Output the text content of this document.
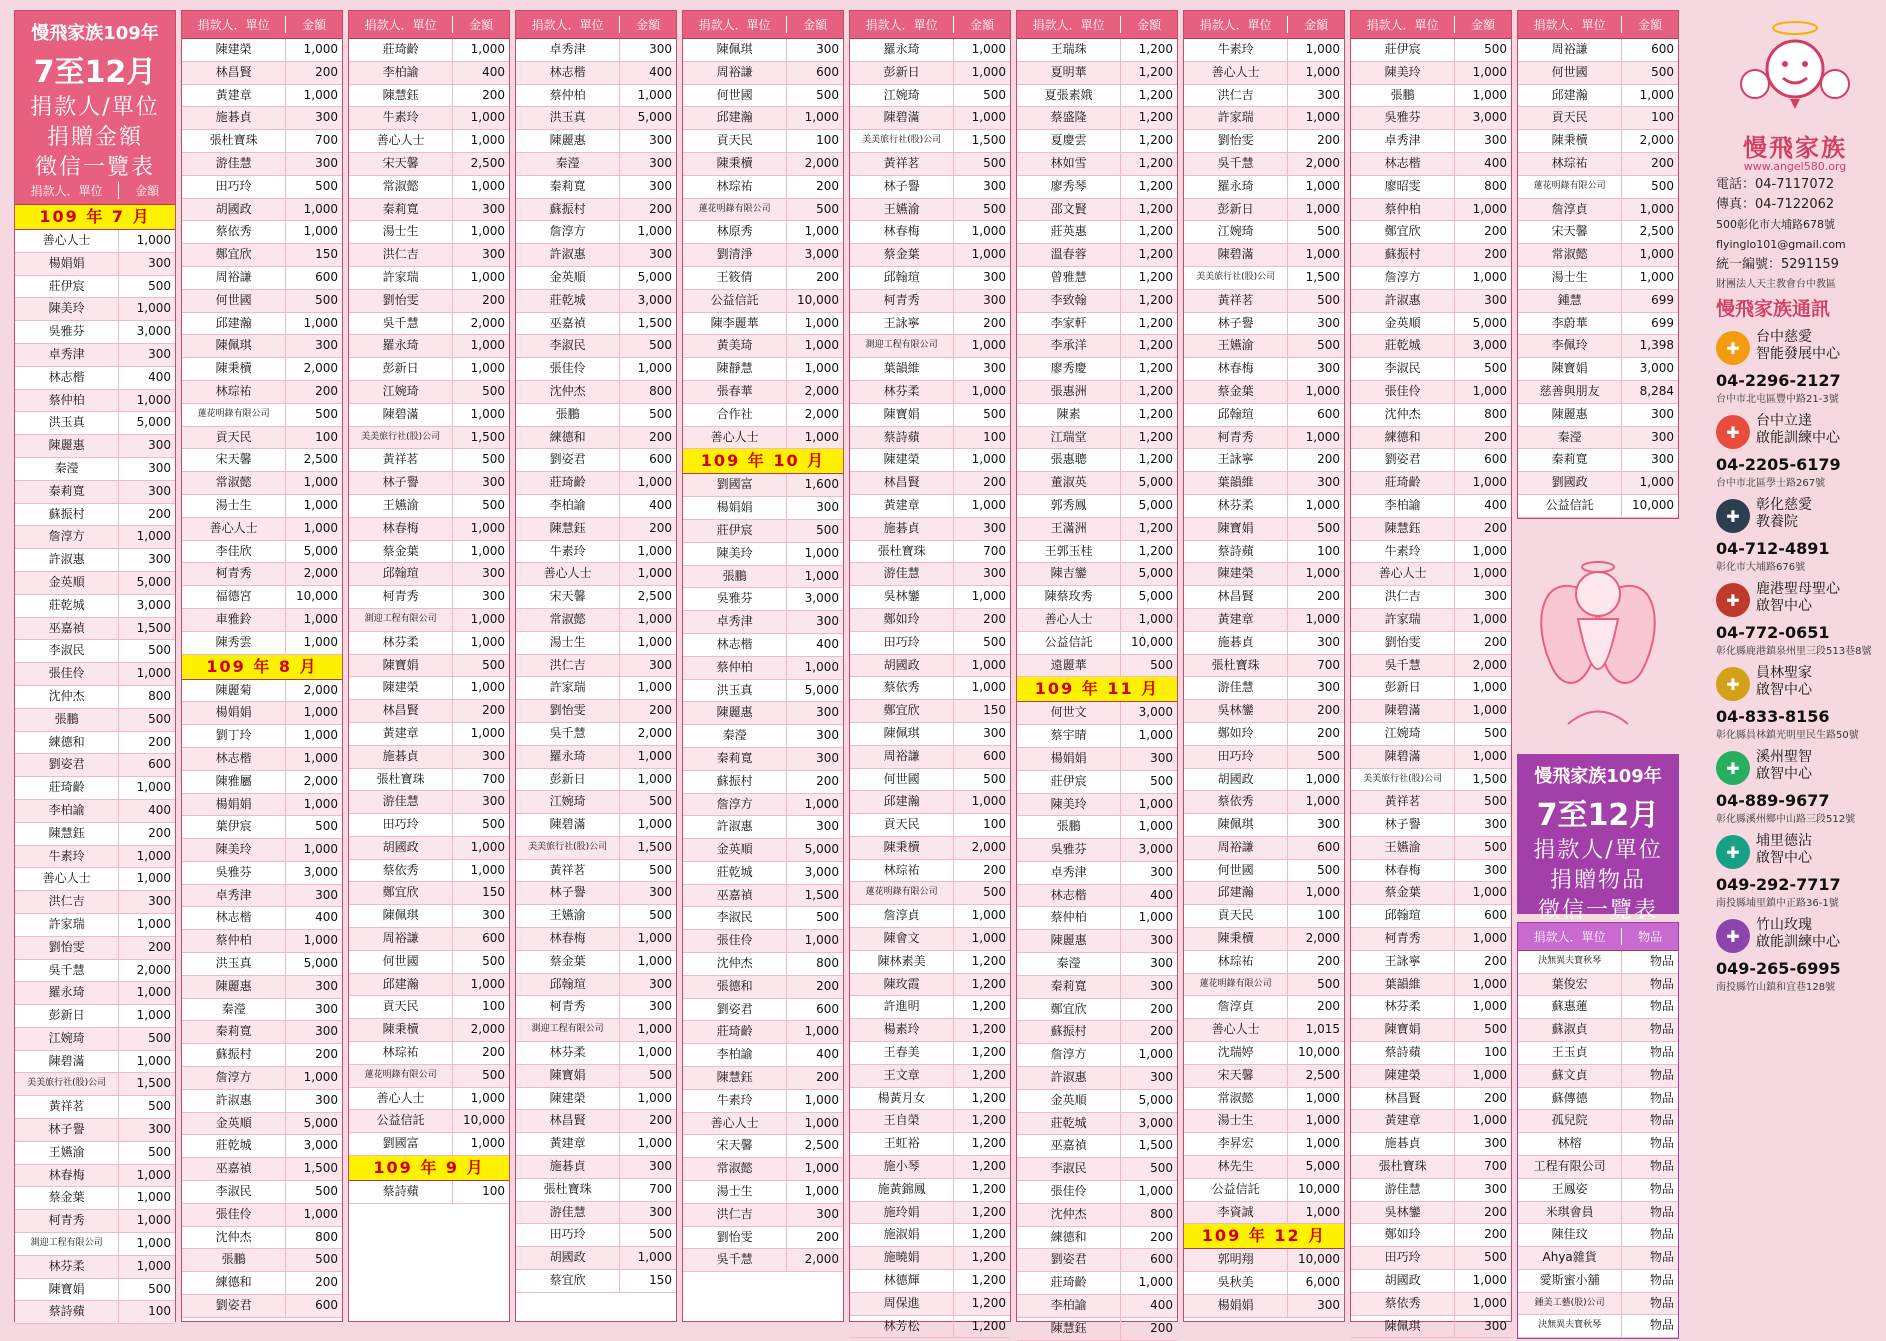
慢飛家族109年
7至12月
捐款人/單位
捐贈金額
徵信一覽表
捐款人．單位	金額
109 年 7 月
善心人士	1,000
楊娟娟	300
莊伊宸	500
陳美玲	1,000
吳雅芬	3,000
卓秀津	300
林志楷	400
蔡仲柏	1,000
洪玉真	5,000
陳麗惠	300
秦瀅	300
秦莉寬	300
蘇振村	200
詹淳方	1,000
許淑惠	300
金英順	5,000
莊乾城	3,000
巫嘉禎	1,500
李淑民	500
張佳伶	1,000
沈仲杰	800
張鵬	500
練德和	200
劉姿君	600
莊琦齡	1,000
李柏諭	400
陳慧鈺	200
牛素玲	1,000
善心人士	1,000
洪仁吉	300
許家瑞	1,000
劉怡雯	200
吳千慧	2,000
羅永琦	1,000
彭新日	1,000
江婉琦	500
陳碧滿	1,000
美美旅行社(股)公司	1,500
黃祥茗	500
林子譽	300
王嬿渝	500
林春梅	1,000
蔡金葉	1,000
柯青秀	1,000
測迎工程有限公司	1,000
林芬柔	1,000
陳寶娟	500
蔡詩蘋	100
捐款人．單位	金額
陳建榮	1,000
林昌賢	200
黃建章	1,000
施碁貞	300
張杜寶珠	700
游佳慧	300
田巧玲	500
胡國政	1,000
蔡依秀	1,000
鄭宜欣	150
周裕謙	600
何世國	500
邱建瀚	1,000
陳佩琪	300
陳秉櫝	2,000
林琮祐	200
蓮花明錄有限公司	500
貢天民	100
宋天馨	2,500
常淑懿	1,000
湯士生	1,000
善心人士	1,000
李佳欣	5,000
柯青秀	2,000
福德宮	10,000
車雅鈴	1,000
陳秀雲	1,000
109 年 8 月
陳麗菊	2,000
楊娟娟	1,000
劉丁玲	1,000
林志楷	1,000
陳雅屬	2,000
楊娟娟	1,000
葉伊宸	500
陳美玲	1,000
吳雅芬	3,000
卓秀津	300
林志楷	400
蔡仲柏	1,000
洪玉真	5,000
陳麗惠	300
秦瀅	300
秦莉寬	300
蘇振村	200
詹淳方	1,000
許淑惠	300
金英順	5,000
莊乾城	3,000
巫嘉禎	1,500
李淑民	500
張佳伶	1,000
沈仲杰	800
張鵬	500
練德和	200
劉姿君	600
捐款人．單位	金額
莊琦齡	1,000
李柏諭	400
陳慧鈺	200
牛素玲	1,000
善心人士	1,000
宋天馨	2,500
常淑懿	1,000
秦莉寬	300
湯士生	1,000
洪仁吉	300
許家瑞	1,000
劉怡雯	200
吳千慧	2,000
羅永琦	1,000
彭新日	1,000
江婉琦	500
陳碧滿	1,000
美美旅行社(股)公司	1,500
黃祥茗	500
林子譽	300
王嬿渝	500
林春梅	1,000
蔡金葉	1,000
邱翰瑄	300
柯青秀	300
測迎工程有限公司	1,000
林芬柔	1,000
陳寶娟	500
陳建榮	1,000
林昌賢	200
黃建章	1,000
施碁貞	300
張杜寶珠	700
游佳慧	300
田巧玲	500
胡國政	1,000
蔡依秀	1,000
鄭宜欣	150
陳佩琪	300
周裕謙	600
何世國	500
邱建瀚	1,000
貢天民	100
陳秉櫝	2,000
林琮祐	200
蓮花明錄有限公司	500
善心人士	1,000
公益信託	10,000
劉國富	1,000
109 年 9 月
蔡詩蘋	100
捐款人．單位	金額
卓秀津	300
林志楷	400
蔡仲柏	1,000
洪玉真	5,000
陳麗惠	300
秦瀅	300
秦莉寬	300
蘇振村	200
詹淳方	1,000
許淑惠	300
金英順	5,000
莊乾城	3,000
巫嘉禎	1,500
李淑民	500
張佳伶	1,000
沈仲杰	800
張鵬	500
練德和	200
劉姿君	600
莊琦齡	1,000
李柏諭	400
陳慧鈺	200
牛素玲	1,000
善心人士	1,000
宋天馨	2,500
常淑懿	1,000
湯士生	1,000
洪仁吉	300
許家瑞	1,000
劉怡雯	200
吳千慧	2,000
羅永琦	1,000
彭新日	1,000
江婉琦	500
陳碧滿	1,000
美美旅行社(股)公司	1,500
黃祥茗	500
林子譽	300
王嬿渝	500
林春梅	1,000
蔡金葉	1,000
邱翰瑄	300
柯青秀	300
測迎工程有限公司	1,000
林芬柔	1,000
陳寶娟	500
陳建榮	1,000
林昌賢	200
黃建章	1,000
施碁貞	300
張杜寶珠	700
游佳慧	300
田巧玲	500
胡國政	1,000
蔡宜欣	150
捐款人．單位	金額
陳佩琪	300
周裕謙	600
何世國	500
邱建瀚	1,000
貢天民	100
陳秉櫝	2,000
林琮祐	200
蓮花明錄有限公司	500
林原秀	1,000
劉清淨	3,000
王筱倩	200
公益信託	10,000
陳李麗華	1,000
黃美琦	1,000
陳靜慧	1,000
張春華	2,000
合作社	2,000
善心人士	1,000
109 年 10 月
劉國富	1,600
楊娟娟	300
莊伊宸	500
陳美玲	1,000
張鵬	1,000
吳雅芬	3,000
卓秀津	300
林志楷	400
蔡仲柏	1,000
洪玉真	5,000
陳麗惠	300
秦瀅	300
秦莉寬	300
蘇振村	200
詹淳方	1,000
許淑惠	300
金英順	5,000
莊乾城	3,000
巫嘉禎	1,500
李淑民	500
張佳伶	1,000
沈仲杰	800
張德和	200
劉姿君	600
莊琦齡	1,000
李柏諭	400
陳慧鈺	200
牛素玲	1,000
善心人士	1,000
宋天馨	2,500
常淑懿	1,000
湯士生	1,000
洪仁吉	300
劉怡雯	200
吳千慧	2,000
捐款人．單位	金額
羅永琦	1,000
彭新日	1,000
江婉琦	500
陳碧滿	1,000
美美旅行社(股)公司	1,500
黃祥茗	500
林子譽	300
王嬿渝	500
林春梅	1,000
蔡金葉	1,000
邱翰瑄	300
柯青秀	300
王詠寧	200
測迎工程有限公司	1,000
葉韻維	300
林芬柔	1,000
陳寶娟	500
蔡詩蘋	100
陳建榮	1,000
林昌賢	200
黃建章	1,000
施碁貞	300
張杜寶珠	700
游佳慧	300
吳林鑾	1,000
鄭如玲	200
田巧玲	500
胡國政	1,000
蔡依秀	1,000
鄭宜欣	150
陳佩琪	300
周裕謙	600
何世國	500
邱建瀚	1,000
貢天民	100
陳秉櫝	2,000
林琮祐	200
蓮花明錄有限公司	500
詹淳貞	1,000
陳會文	1,000
陳林素美	1,200
陳玫霞	1,200
許進明	1,200
楊素玲	1,200
王春美	1,200
王文章	1,200
楊黃月女	1,200
王自榮	1,200
王虹裕	1,200
施小琴	1,200
施黃錦鳳	1,200
施玲娟	1,200
施淑娟	1,200
施曉娟	1,200
林德輝	1,200
周保進	1,200
林芳松	1,200
捐款人．單位	金額
王瑞珠	1,200
夏明華	1,200
夏張素娥	1,200
蔡盛隆	1,200
夏慶雲	1,200
林如雪	1,200
廖秀琴	1,200
邵文賢	1,200
莊英惠	1,200
溫春蓉	1,200
曾雅慧	1,200
李致翰	1,200
李家軒	1,200
李承洋	1,200
廖秀慶	1,200
張惠洲	1,200
陳素	1,200
江瑞堂	1,200
張惠聰	1,200
董淑英	5,000
郭秀鳳	5,000
王滿洲	1,200
王郭玉桂	1,200
陳吉鑾	5,000
陳蔡玫秀	5,000
善心人士	1,000
公益信託	10,000
遠麗華	500
109 年 11 月
何世文	3,000
蔡宇晴	1,000
楊娟娟	300
莊伊宸	500
陳美玲	1,000
張鵬	1,000
吳雅芬	3,000
卓秀津	300
林志楷	400
蔡仲柏	1,000
陳麗惠	300
秦瀅	300
秦莉寬	300
鄭宜欣	200
蘇振村	200
詹淳方	1,000
許淑惠	300
金英順	5,000
莊乾城	3,000
巫嘉禎	1,500
李淑民	500
張佳伶	1,000
沈仲杰	800
練德和	200
劉姿君	600
莊琦齡	1,000
李柏諭	400
陳慧鈺	200
捐款人．單位	金額
牛素玲	1,000
善心人士	1,000
洪仁吉	300
許家瑞	1,000
劉怡雯	200
吳千慧	2,000
羅永琦	1,000
彭新日	1,000
江婉琦	500
陳碧滿	1,000
美美旅行社(股)公司	1,500
黃祥茗	500
林子譽	300
王嬿渝	500
林春梅	300
蔡金葉	1,000
邱翰瑄	600
柯青秀	1,000
王詠寧	200
葉韻維	300
林芬柔	1,000
陳寶娟	500
蔡詩蘋	100
陳建榮	1,000
林昌賢	200
黃建章	1,000
施碁貞	300
張杜寶珠	700
游佳慧	300
吳林鑾	200
鄭如玲	200
田巧玲	500
胡國政	1,000
蔡依秀	1,000
陳佩琪	300
周裕謙	600
何世國	500
邱建瀚	1,000
貢天民	100
陳秉櫝	2,000
林琮祐	200
蓮花明錄有限公司	500
詹淳貞	200
善心人士	1,015
沈瑞婷	10,000
宋天馨	2,500
常淑懿	1,000
湯士生	1,000
李昇宏	1,000
林先生	5,000
公益信託	10,000
李資誠	1,000
109 年 12 月
郭明翔	10,000
吳秋美	6,000
楊娟娟	300
捐款人．單位	金額
莊伊宸	500
陳美玲	1,000
張鵬	1,000
吳雅芬	3,000
卓秀津	300
林志楷	400
廖昭雯	800
蔡仲柏	1,000
鄭宜欣	200
蘇振村	200
詹淳方	1,000
許淑惠	300
金英順	5,000
莊乾城	3,000
李淑民	500
張佳伶	1,000
沈仲杰	800
練德和	200
劉姿君	600
莊琦齡	1,000
李柏諭	400
陳慧鈺	200
牛素玲	1,000
善心人士	1,000
洪仁吉	300
許家瑞	1,000
劉怡雯	200
吳千慧	2,000
彭新日	1,000
陳碧滿	1,000
江婉琦	500
陳碧滿	1,000
美美旅行社(股)公司	1,500
黃祥茗	500
林子譽	300
王嬿渝	500
林春梅	300
蔡金葉	1,000
邱翰瑄	600
柯青秀	1,000
王詠寧	200
葉韻維	1,000
林芬柔	1,000
陳寶娟	500
蔡詩蘋	100
陳建榮	1,000
林昌賢	200
黃建章	1,000
施碁貞	300
張杜寶珠	700
游佳慧	300
吳林鑾	200
鄭如玲	200
田巧玲	500
胡國政	1,000
蔡依秀	1,000
陳佩琪	300
捐款人．單位	金額
周裕謙	600
何世國	500
邱建瀚	1,000
貢天民	100
陳秉櫝	2,000
林琮祐	200
蓮花明錄有限公司	500
詹淳貞	1,000
宋天馨	2,500
常淑懿	1,000
湯士生	1,000
鍾慧	699
李蔚華	699
李佩玲	1,398
陳寶娟	3,000
慈善與朋友	8,284
陳麗惠	300
秦瀅	300
秦莉寬	300
劉國政	1,000
公益信託	10,000
慢飛家族109年
7至12月
捐款人/單位
捐贈物品
徵信一覽表
捐款人．單位	物品
決無異夫寶秋琴	物品
葉俊宏	物品
蘇惠蓮	物品
蘇淑貞	物品
王玉貞	物品
蘇文貞	物品
蘇傳德	物品
孤兒院	物品
林榕	物品
工程有限公司	物品
王鳳姿	物品
米琪會員	物品
陳佳玟	物品
Ahya雜貨	物品
愛斯蜜小舖	物品
鍾美工藝(股)公司	物品
決無異夫寶秋琴	物品
慢飛家族
www.angel580.org
電話：04-7117072
傳真：04-7122062
500彰化市大埔路678號
flyinglo101@gmail.com
統一編號：5291159
財團法人天主教會台中教區
慢飛家族通訊
✚
台中慈愛
智能發展中心
04-2296-2127
台中市北屯區豐中路21-3號
✚
台中立達
啟能訓練中心
04-2205-6179
台中市北區學士路267號
✚
彰化慈愛
教養院
04-712-4891
彰化市大埔路676號
✚
鹿港聖母聖心
啟智中心
04-772-0651
彰化縣鹿港鎮泉州里三段513巷8號
✚
員林聖家
啟智中心
04-833-8156
彰化縣員林鎮光明里民生路50號
✚
溪州聖智
啟智中心
04-889-9677
彰化縣溪州鄉中山路三段512號
✚
埔里德沾
啟智中心
049-292-7717
南投縣埔里鎮中正路36-1號
✚
竹山玫瑰
啟能訓練中心
049-265-6995
南投縣竹山鎮和宜巷128號
